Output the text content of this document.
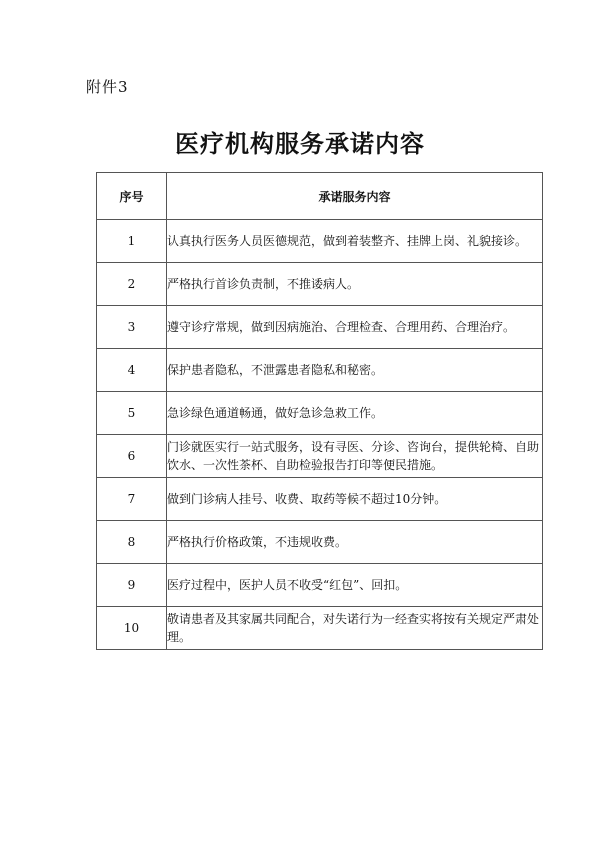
附件3
医疗机构服务承诺内容
序号	承诺服务内容
1	认真执行医务人员医德规范，做到着装整齐、挂牌上岗、礼貌接诊。
2	严格执行首诊负责制，不推诿病人。
3	遵守诊疗常规，做到因病施治、合理检查、合理用药、合理治疗。
4	保护患者隐私，不泄露患者隐私和秘密。
5	急诊绿色通道畅通，做好急诊急救工作。
6	门诊就医实行一站式服务，设有寻医、分诊、咨询台，提供轮椅、自助饮水、一次性茶杯、自助检验报告打印等便民措施。
7	做到门诊病人挂号、收费、取药等候不超过10分钟。
8	严格执行价格政策，不违规收费。
9	医疗过程中，医护人员不收受“红包”、回扣。
10	敬请患者及其家属共同配合，对失诺行为一经查实将按有关规定严肃处理。
